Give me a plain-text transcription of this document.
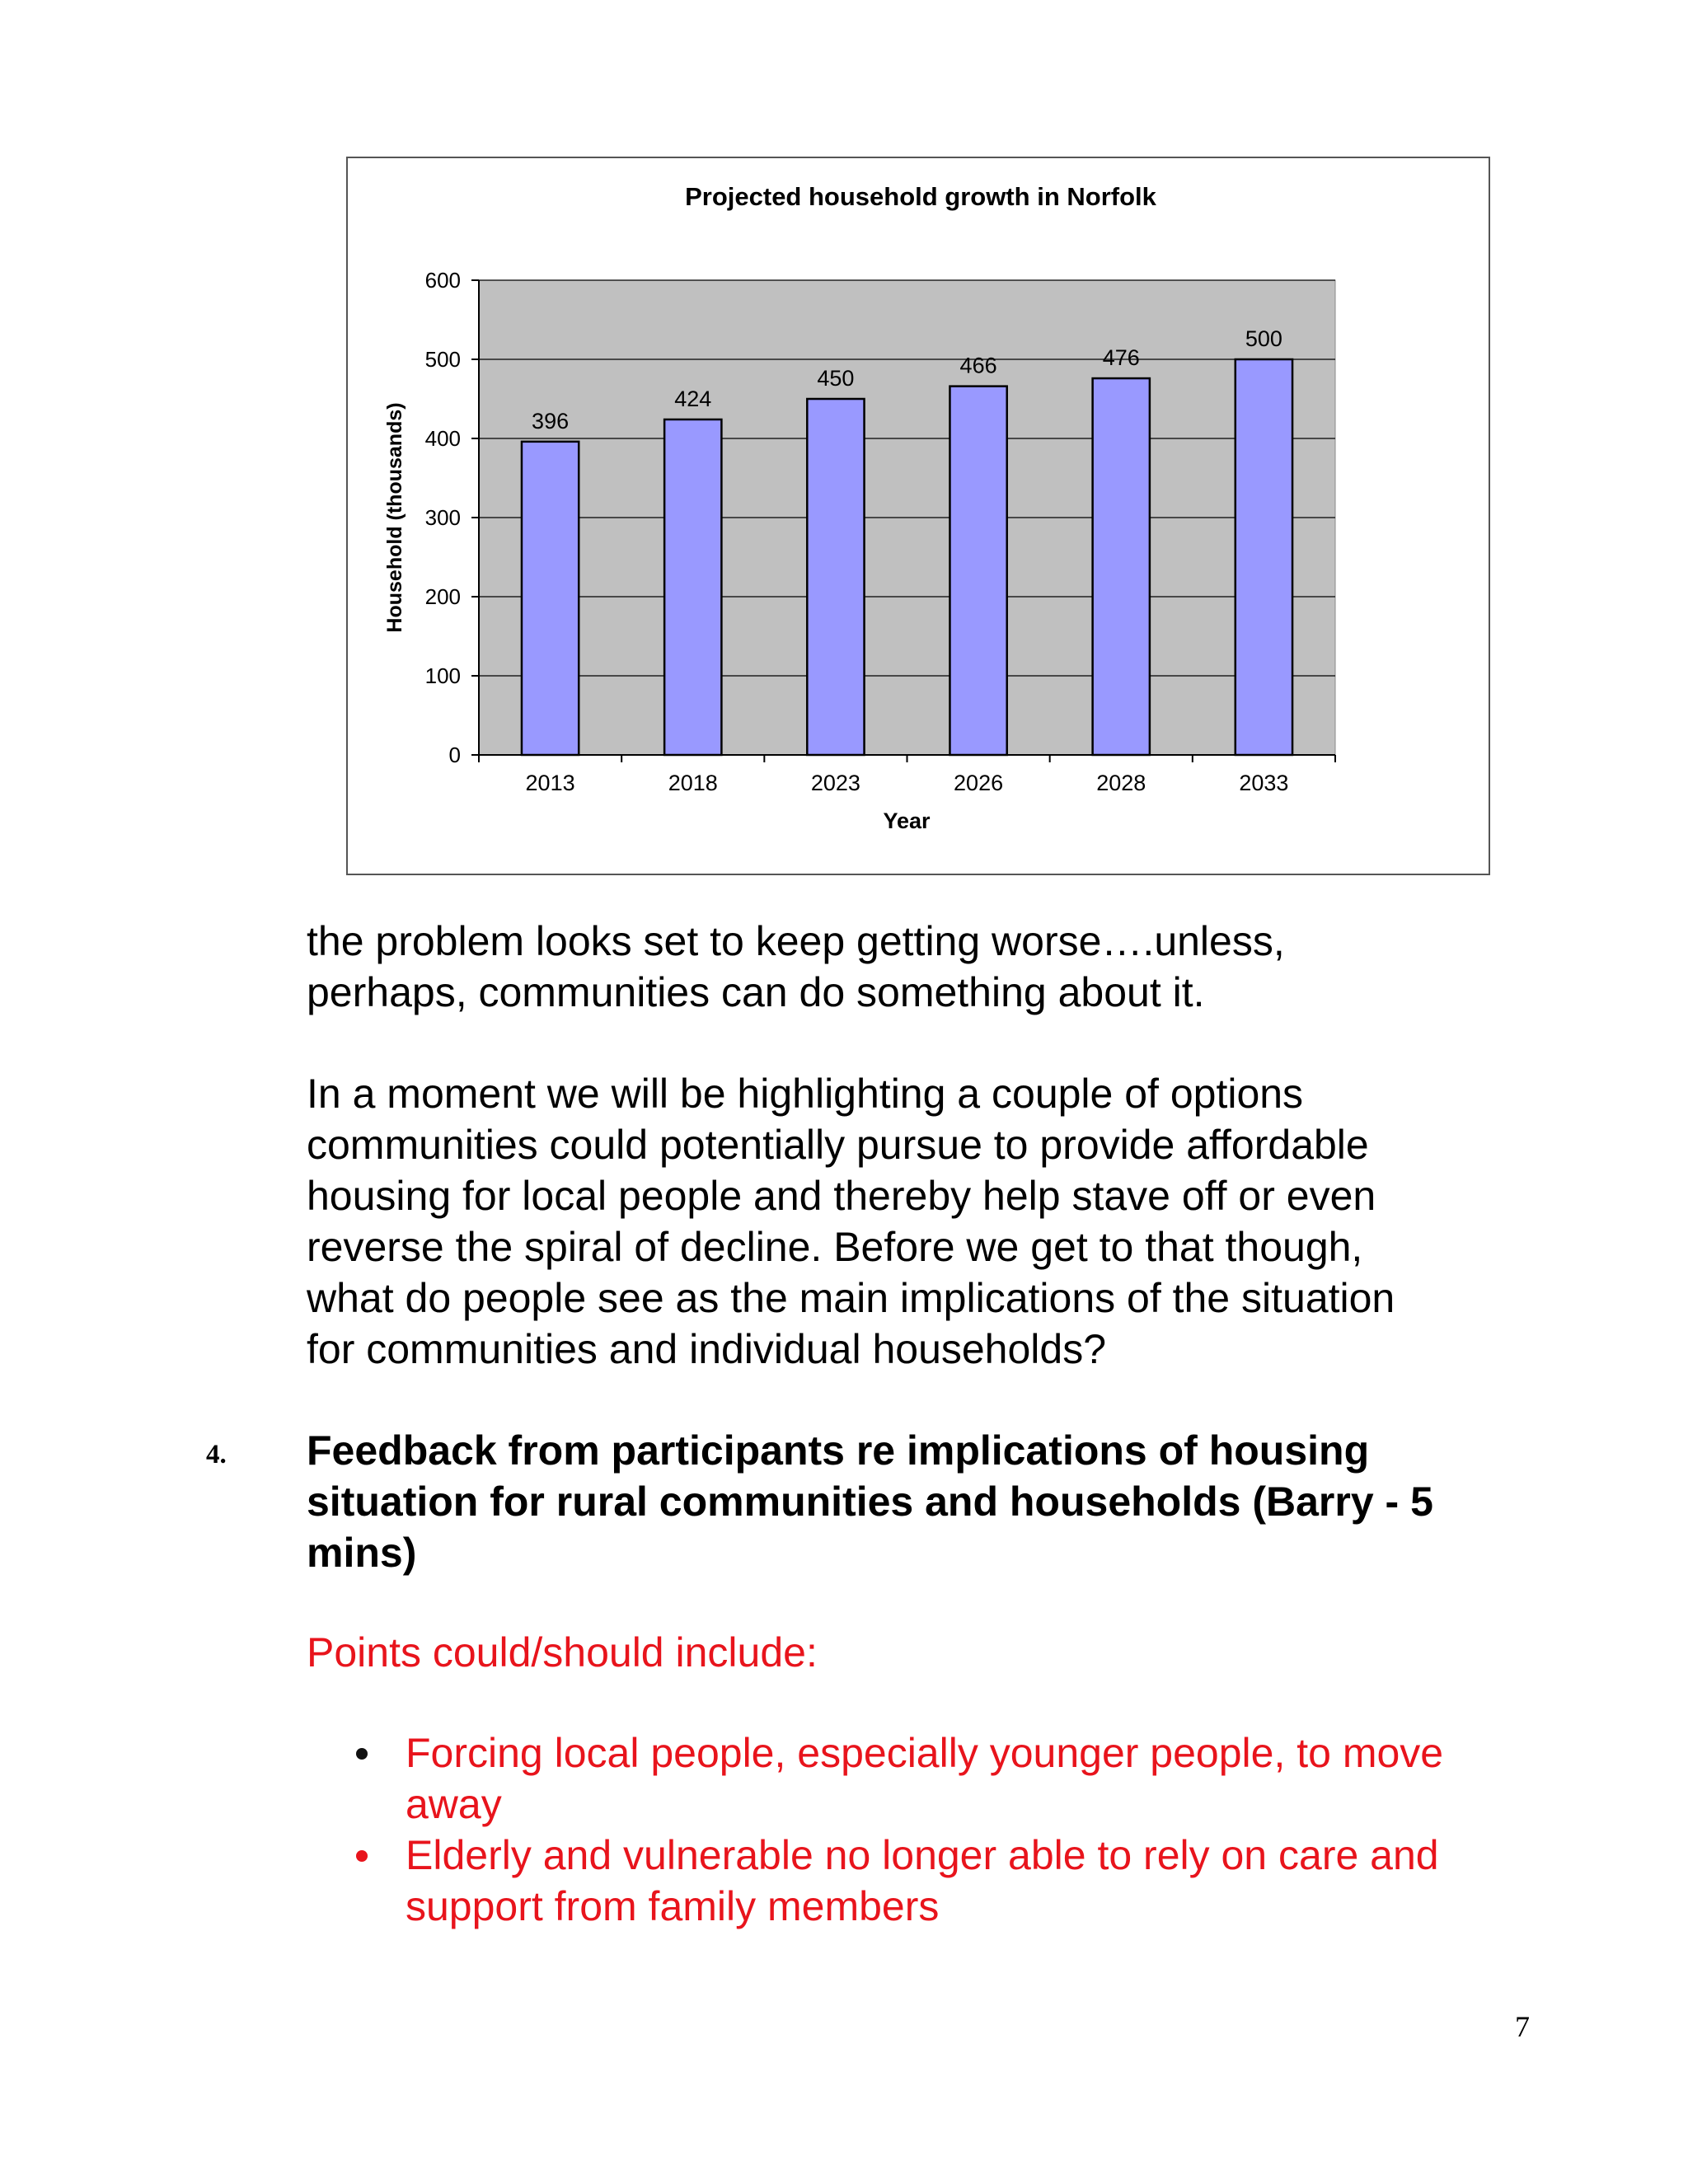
Projected household growth in Norfolk
0
100
200
300
400
500
600
396
424
450
466	476
500
2013	2018	2023	2026	2028	2033
Year
Household (thousands)

the problem looks set to keep getting worse….unless,
perhaps, communities can do something about it.

In a moment we will be highlighting a couple of options
communities could potentially pursue to provide affordable
housing for local people and thereby help stave off or even
reverse the spiral of decline. Before we get to that though,
what do people see as the main implications of the situation
for communities and individual households?

4. Feedback from participants re implications of housing
situation for rural communities and households (Barry - 5
mins)

Points could/should include:

Forcing local people, especially younger people, to move
away
Elderly and vulnerable no longer able to rely on care and
support from family members

7
